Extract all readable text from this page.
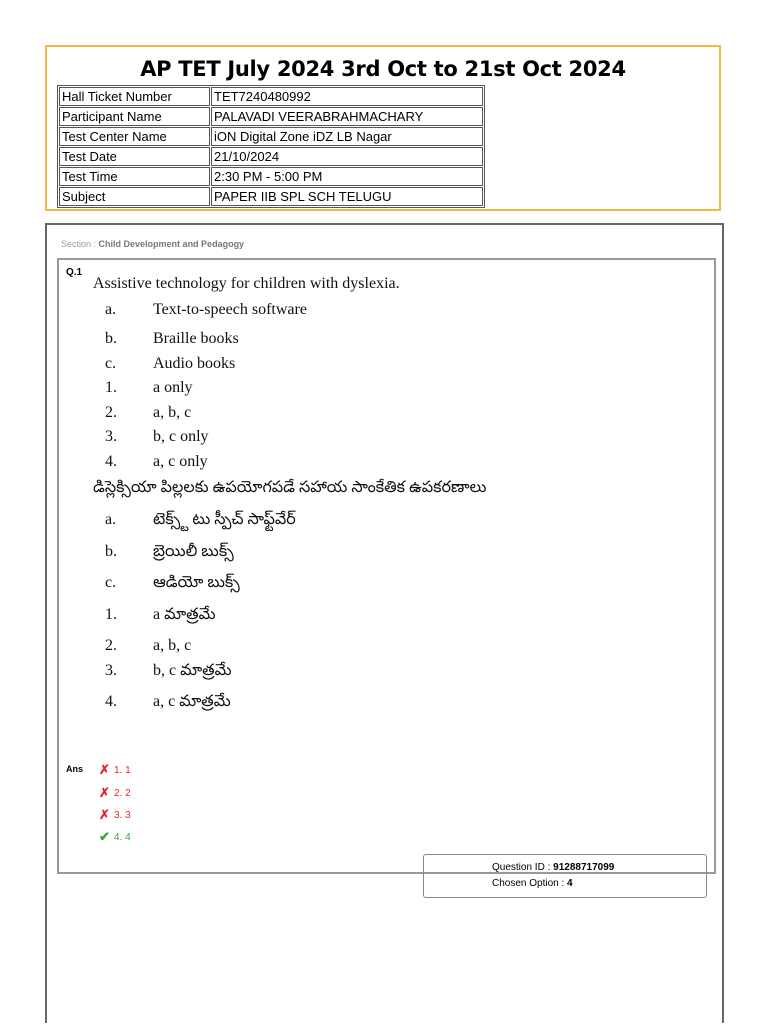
AP TET July 2024 3rd Oct to 21st Oct 2024
Hall Ticket Number	TET7240480992
Participant Name	PALAVADI VEERABRAHMACHARY
Test Center Name	iON Digital Zone iDZ LB Nagar
Test Date	21/10/2024
Test Time	2:30 PM - 5:00 PM
Subject	PAPER IIB SPL SCH TELUGU
Section : Child Development and Pedagogy
Q.1
Assistive technology for children with dyslexia.
a. Text-to-speech software
b. Braille books
c. Audio books
1. a only
2. a, b, c
3. b, c only
4. a, c only
డిస్లెక్సియా పిల్లలకు ఉపయోగపడే సహాయ సాంకేతిక ఉపకరణాలు
a. టెక్స్ట్ టు స్పీచ్ సాఫ్ట్‌వేర్
b. బ్రెయిలీ బుక్స్
c. ఆడియో బుక్స్
1. a మాత్రమే
2. a, b, c
3. b, c మాత్రమే
4. a, c మాత్రమే
Ans ✗ 1. 1
✗ 2. 2
✗ 3. 3
✔ 4. 4
Question ID : 91288717099
Chosen Option : 4
